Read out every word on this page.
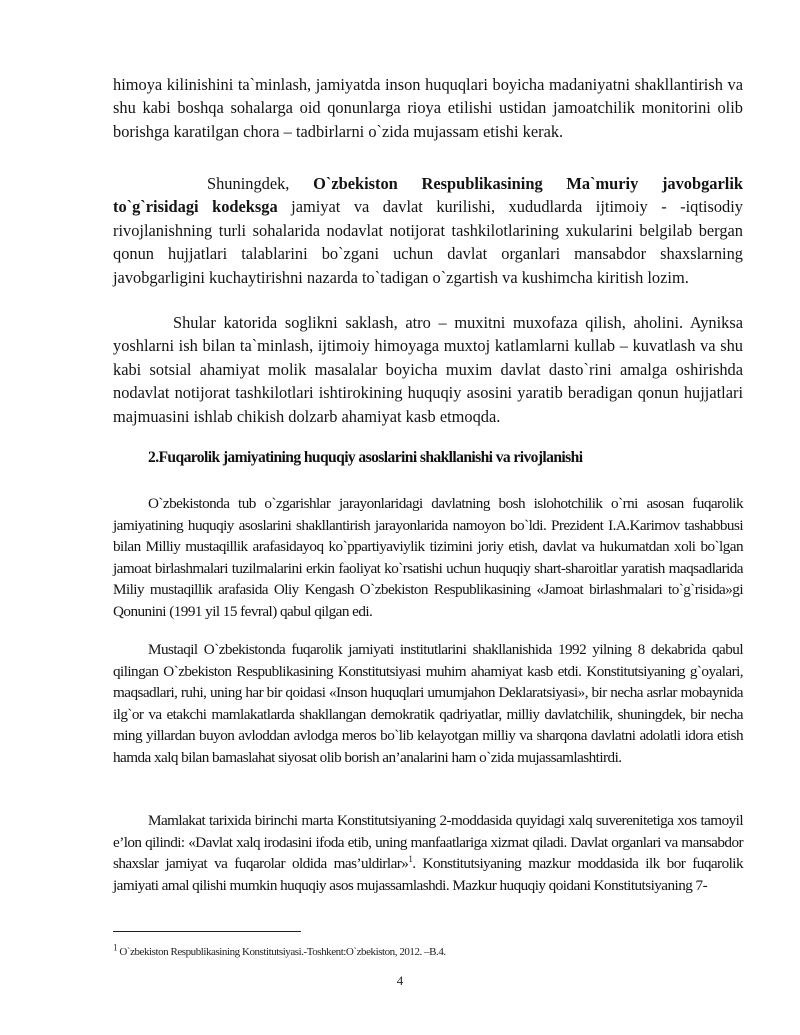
himoya kilinishini ta`minlash, jamiyatda inson huquqlari boyicha madaniyatni shakllantirish va shu kabi boshqa sohalarga oid qonunlarga rioya etilishi ustidan jamoatchilik monitorini olib borishga karatilgan chora – tadbirlarni o`zida mujassam etishi kerak.

Shuningdek, O`zbekiston Respublikasining Ma`muriy javobgarlik to`g`risidagi kodeksga jamiyat va davlat kurilishi, xududlarda ijtimoiy - -iqtisodiy rivojlanishning turli sohalarida nodavlat notijorat tashkilotlarining xukularini belgilab bergan qonun hujjatlari talablarini bo`zgani uchun davlat organlari mansabdor shaxslarning javobgarligini kuchaytirishni nazarda to`tadigan o`zgartish va kushimcha kiritish lozim.

Shular katorida soglikni saklash, atro – muxitni muxofaza qilish, aholini. Ayniksa yoshlarni ish bilan ta`minlash, ijtimoiy himoyaga muxtoj katlamlarni kullab – kuvatlash va shu kabi sotsial ahamiyat molik masalalar boyicha muxim davlat dasto`rini amalga oshirishda nodavlat notijorat tashkilotlari ishtirokining huquqiy asosini yaratib beradigan qonun hujjatlari majmuasini ishlab chikish dolzarb ahamiyat kasb etmoqda.

2.Fuqarolik jamiyatining huquqiy asoslarini shakllanishi va rivojlanishi

O`zbekistonda tub o`zgarishlar jarayonlaridagi davlatning bosh islohotchilik o`rni asosan fuqarolik jamiyatining huquqiy asoslarini shakllantirish jarayonlarida namoyon bo`ldi. Prezident I.A.Karimov tashabbusi bilan Milliy mustaqillik arafasidayoq ko`ppartiyaviylik tizimini joriy etish, davlat va hukumatdan xoli bo`lgan jamoat birlashmalari tuzilmalarini erkin faoliyat ko`rsatishi uchun huquqiy shart-sharoitlar yaratish maqsadlarida Miliy mustaqillik arafasida Oliy Kengash O`zbekiston Respublikasining «Jamoat birlashmalari to`g`risida»gi Qonunini (1991 yil 15 fevral) qabul qilgan edi.

Mustaqil O`zbekistonda fuqarolik jamiyati institutlarini shakllanishida 1992 yilning 8 dekabrida qabul qilingan O`zbekiston Respublikasining Konstitutsiyasi muhim ahamiyat kasb etdi. Konstitutsiyaning g`oyalari, maqsadlari, ruhi, uning har bir qoidasi «Inson huquqlari umumjahon Deklaratsiyasi», bir necha asrlar mobaynida ilg`or va etakchi mamlakatlarda shakllangan demokratik qadriyatlar, milliy davlatchilik, shuningdek, bir necha ming yillardan buyon avloddan avlodga meros bo`lib kelayotgan milliy va sharqona davlatni adolatli idora etish hamda xalq bilan bamaslahat siyosat olib borish an’analarini ham o`zida mujassamlashtirdi.

Mamlakat tarixida birinchi marta Konstitutsiyaning 2-moddasida quyidagi xalq suverenitetiga xos tamoyil e’lon qilindi: «Davlat xalq irodasini ifoda etib, uning manfaatlariga xizmat qiladi. Davlat organlari va mansabdor shaxslar jamiyat va fuqarolar oldida mas’uldirlar»$^1$. Konstitutsiyaning mazkur moddasida ilk bor fuqarolik jamiyati amal qilishi mumkin huquqiy asos mujassamlashdi. Mazkur huquqiy qoidani Konstitutsiyaning 7-

$^1$ O`zbekiston Respublikasining Konstitutsiyasi.-Toshkent:O`zbekiston, 2012. –B.4.

4
